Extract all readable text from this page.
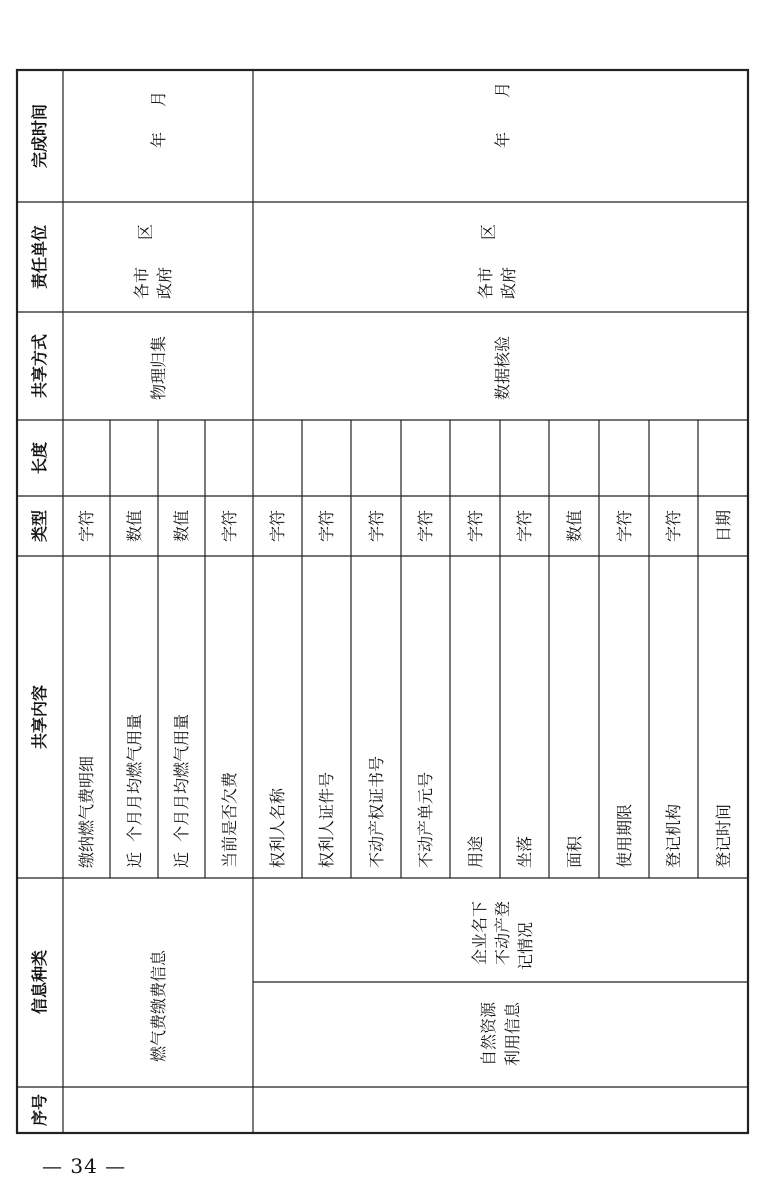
完成时间
责任单位
共享方式
长度
类型
共享内容
信息种类
序号
月
年
区
各市 政府
物理归集
燃气费缴费信息
字符
缴纳燃气费明细
数值
近  个月月均燃气用量
数值
近  个月月均燃气用量
字符
当前是否欠费
月
年
区
各市 政府
数据核验
企业名下 不动产登 记情况
自然资源 利用信息
字符
权利人名称
字符
权利人证件号
字符
不动产权证书号
字符
不动产单元号
字符
用途
字符
坐落
数值
面积
字符
使用期限
字符
登记机构
日期
登记时间
— 34 —
